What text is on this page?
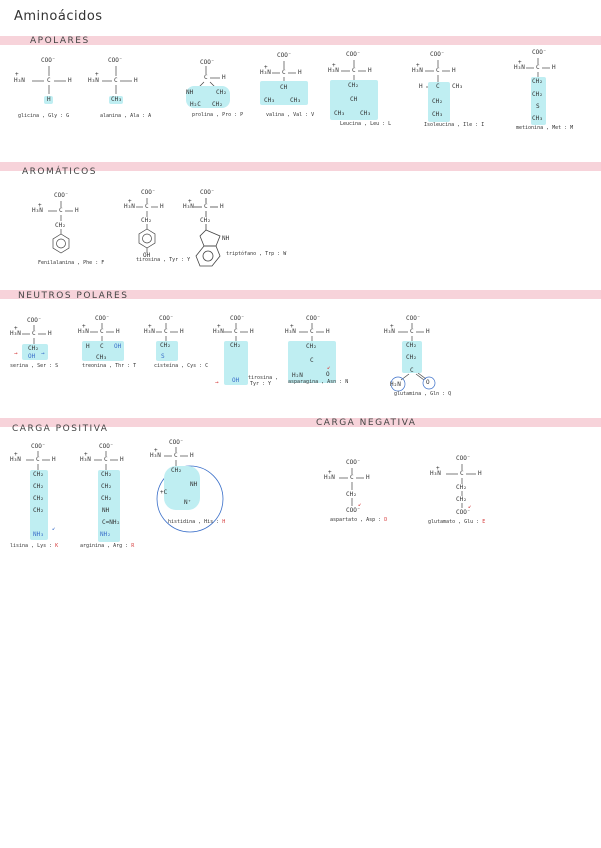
Aminoácidos
APOLARES
AROMÁTICOS
NEUTROS POLARES
CARGA POSITIVA
CARGA NEGATIVA
COO⁻
+
H₃N	C	H
H
glicina , Gly : G
COO⁻
+
H₃N	C	H
CH₃
alanina , Ala : A
COO⁻
C H
NH	CH₂
H₂C CH₂
prolina , Pro : P
COO⁻
+
H₃N C H
CH
CH₃	CH₃
valina , Val : V
COO⁻
+
H₃N C H
CH₂
CH
CH₃	CH₃
Leucina , Leu : L
COO⁻
+
H₃N C H
H C CH₃
CH₂
CH₃
Isoleucina , Ile : I
COO⁻
+
H₃N C H
CH₂
CH₂
S
CH₃
metionina , Met : M
COO⁻
+
H₃N	C H
CH₂
Fenilalanina , Phe : F
COO⁻
+
H₃N C H
CH₂
OH
tirosina , Tyr : Y
COO⁻
+
H₃N C H
CH₂
NH
triptófano , Trp : W
COO⁻
+
H₃N C H
CH₂
→ OH →
serina , Ser : S
COO⁻
+
H₃N C H
H C OH
CH₃
treonina , Thr : T
COO⁻
+
H₃N C H
CH₂
S
cisteína , Cys : C
COO⁻
+
H₃N C H
CH₂
→ OH tirosina ,
Tyr : Y
COO⁻
+
H₃N C H
CH₂
C
H₂N	O
↙
asparagina , Asn : N
COO⁻
+
H₃N	C H
CH₂
CH₂
C
H₂N	O
glutamina , Gln : Q
COO⁻
+
H₃N	C H
CH₂
CH₂
CH₂
CH₂
NH₃
↙
lisina , Lys : K
COO⁻
+
H₃N C H
CH₂
CH₂
CH₂
NH
C=NH₂
NH₂
arginina , Arg : R
COO⁻
+
H₃N C H
CH₂
NH
+C
N⁺
histidina , His : H
COO⁻
+
H₃N	C H
CH₂
COO⁻
↙
aspartato , Asp : D
COO⁻
+
H₃N	C H
CH₂
CH₂
COO⁻
↙
glutamato , Glu : E
